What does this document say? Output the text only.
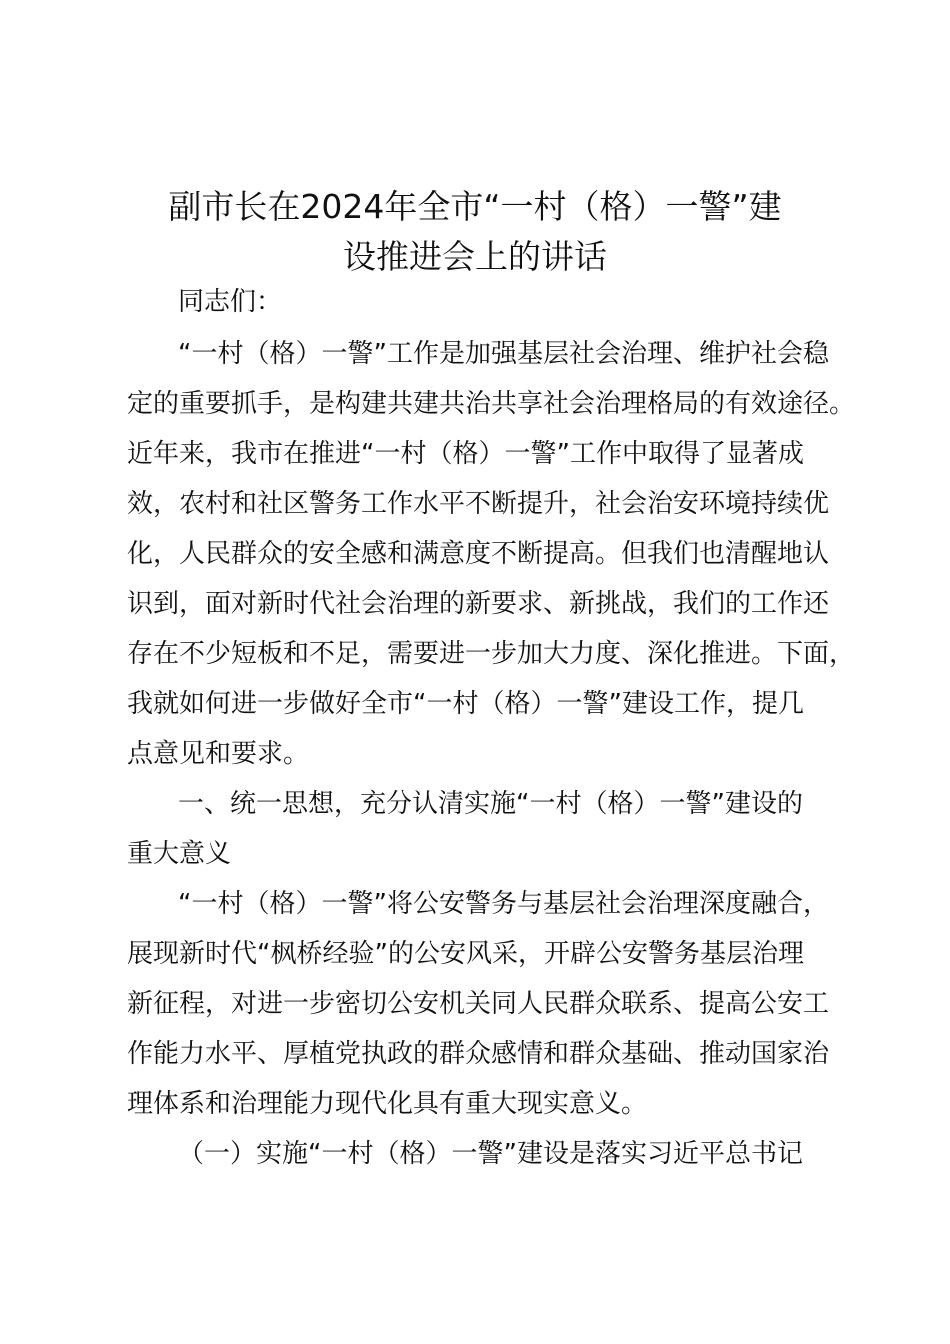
副市长在2024年全市“一村（格）一警”建
设推进会上的讲话
同志们：
“一村（格）一警”工作是加强基层社会治理、维护社会稳
定的重要抓手，是构建共建共治共享社会治理格局的有效途径。
近年来，我市在推进“一村（格）一警”工作中取得了显著成
效，农村和社区警务工作水平不断提升，社会治安环境持续优
化，人民群众的安全感和满意度不断提高。但我们也清醒地认
识到，面对新时代社会治理的新要求、新挑战，我们的工作还
存在不少短板和不足，需要进一步加大力度、深化推进。下面，
我就如何进一步做好全市“一村（格）一警”建设工作，提几
点意见和要求。
一、统一思想，充分认清实施“一村（格）一警”建设的
重大意义
“一村（格）一警”将公安警务与基层社会治理深度融合，
展现新时代“枫桥经验”的公安风采，开辟公安警务基层治理
新征程，对进一步密切公安机关同人民群众联系、提高公安工
作能力水平、厚植党执政的群众感情和群众基础、推动国家治
理体系和治理能力现代化具有重大现实意义。
（一）实施“一村（格）一警”建设是落实习近平总书记
